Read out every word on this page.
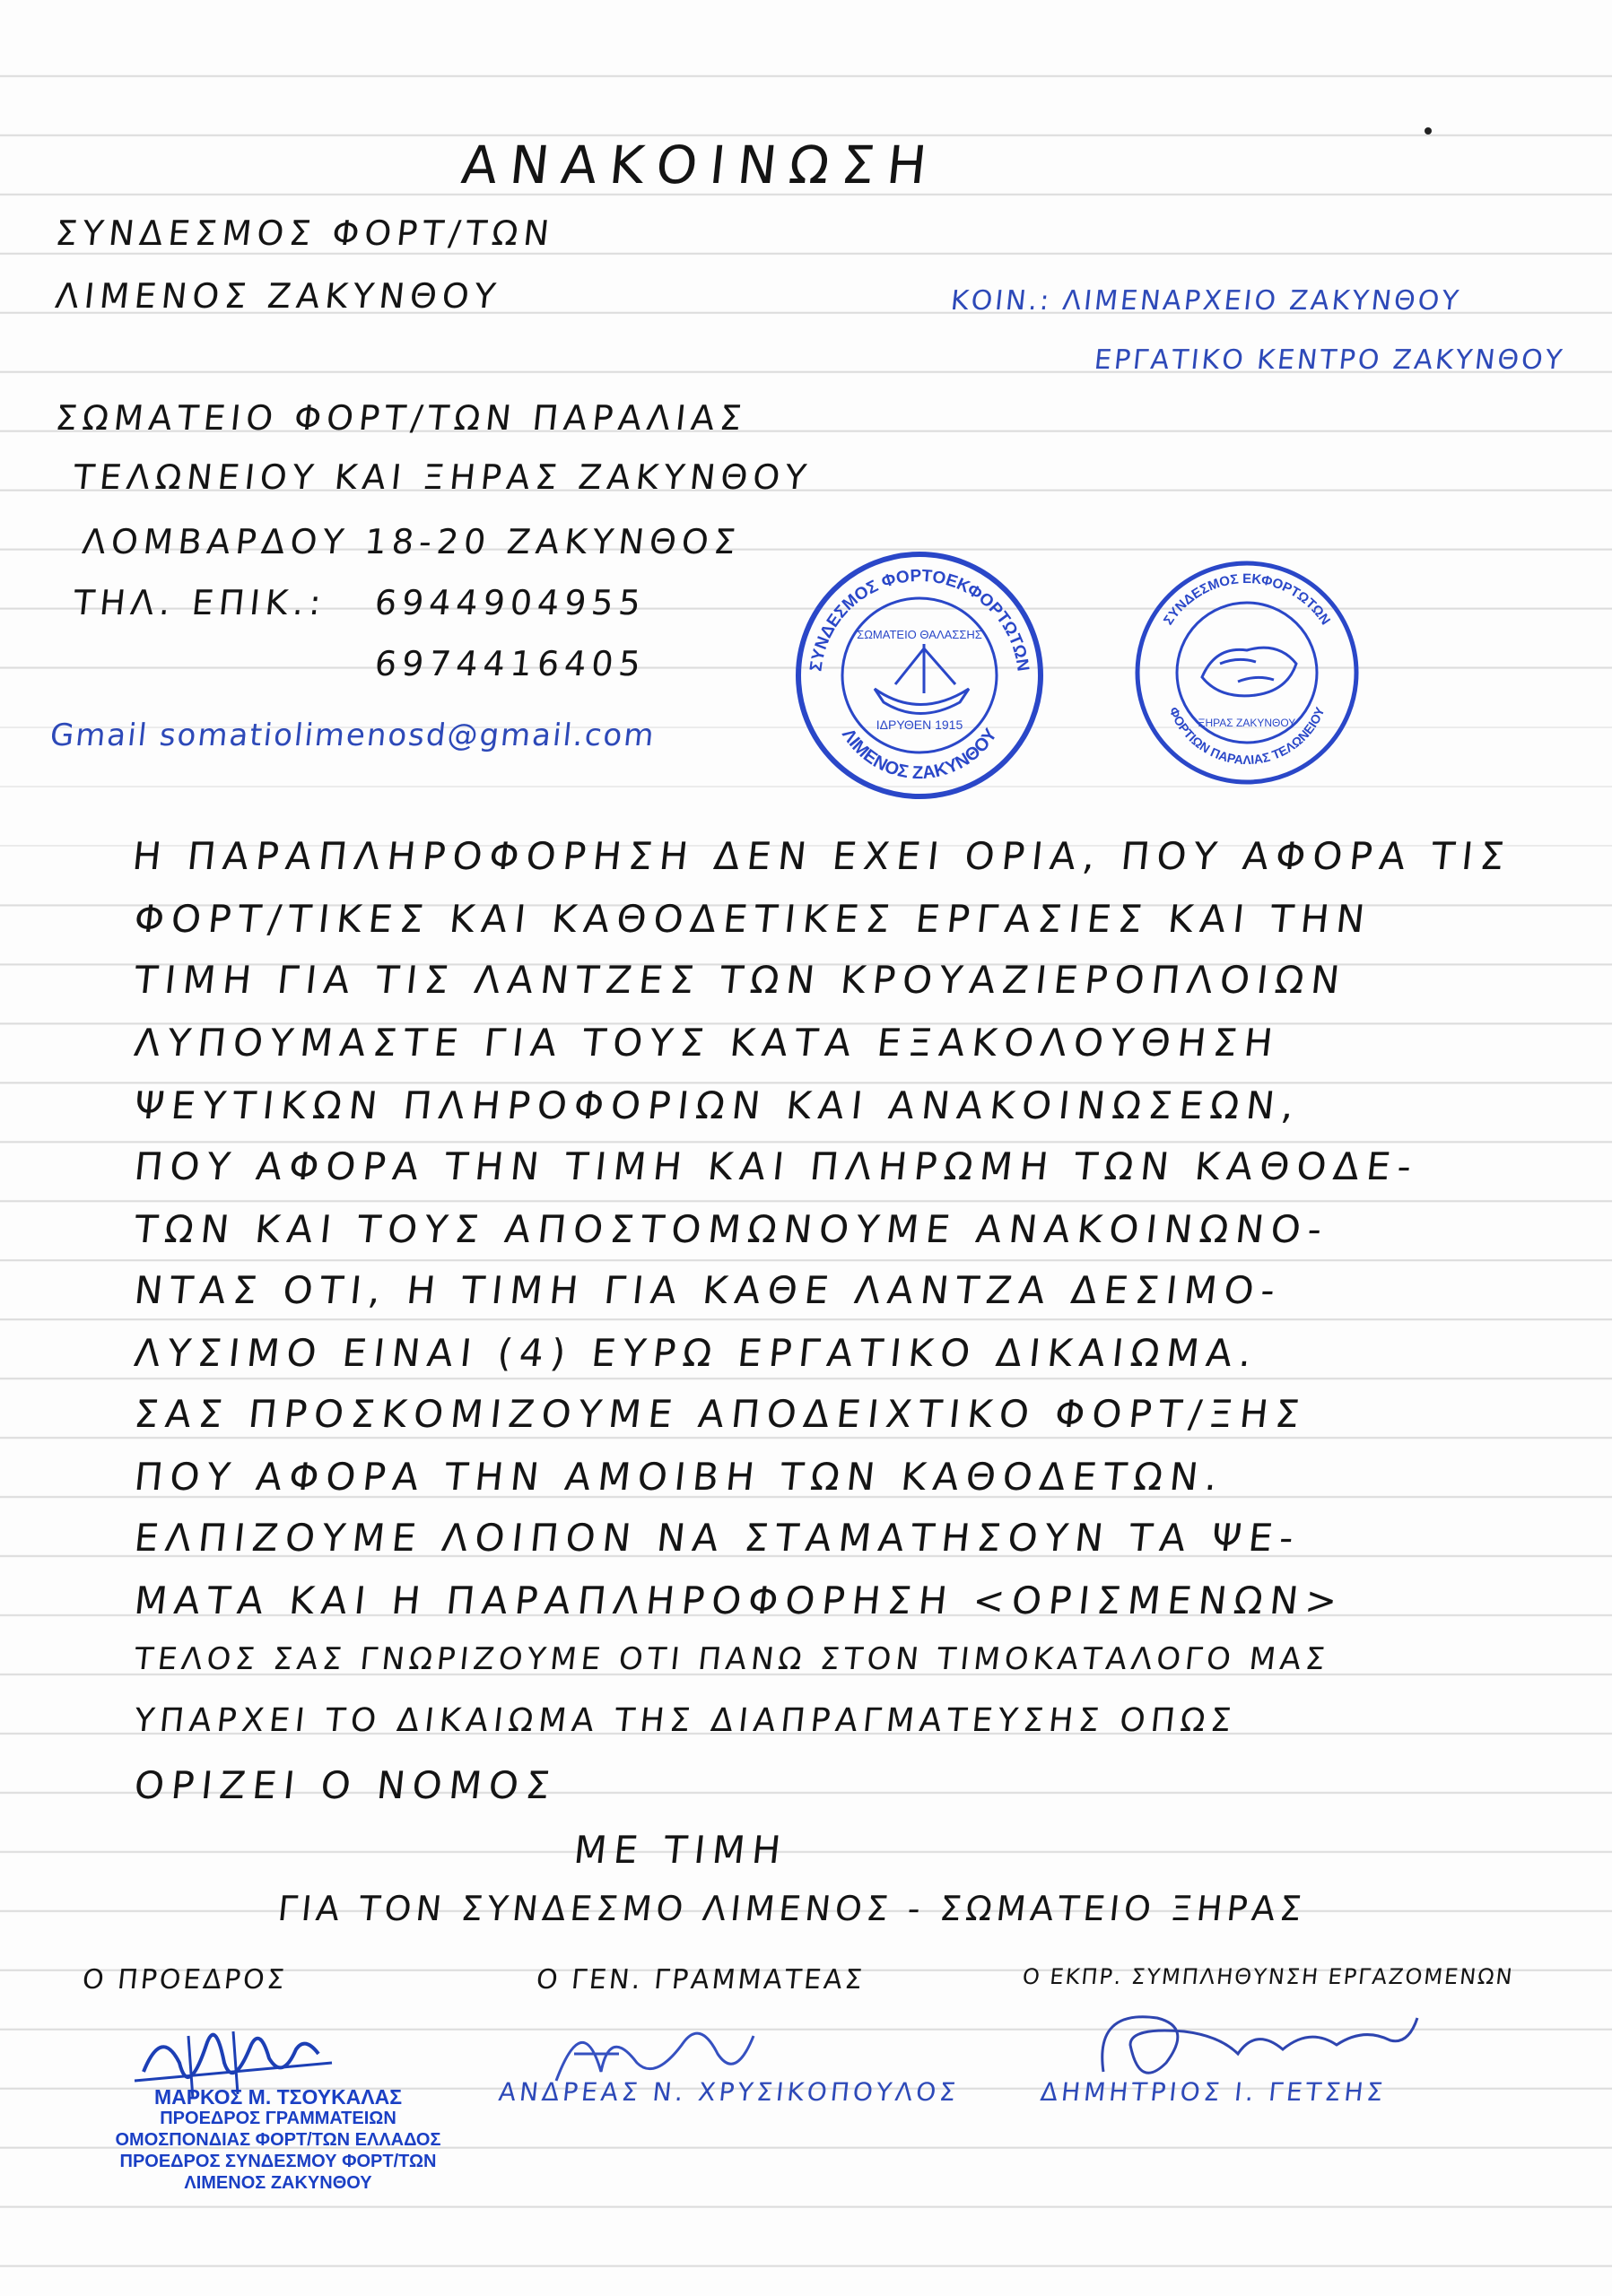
ΑΝΑΚΟΙΝΩΣΗ
ΣΥΝΔΕΣΜΟΣ ΦΟΡΤ/ΤΩΝ
ΛΙΜΕΝΟΣ ΖΑΚΥΝΘΟΥ	ΚΟΙΝ.: ΛΙΜΕΝΑΡΧΕΙΟ ΖΑΚΥΝΘΟΥ
ΕΡΓΑΤΙΚΟ ΚΕΝΤΡΟ ΖΑΚΥΝΘΟΥ
ΣΩΜΑΤΕΙΟ ΦΟΡΤ/ΤΩΝ ΠΑΡΑΛΙΑΣ
ΤΕΛΩΝΕΙΟΥ ΚΑΙ ΞΗΡΑΣ ΖΑΚΥΝΘΟΥ
ΛΟΜΒΑΡΔΟΥ 18-20 ΖΑΚΥΝΘΟΣ
ΤΗΛ. ΕΠΙΚ.: 6944904955
6974416405
Gmail somatiolimenosd@gmail.com
ΣΥΝΔΕΣΜΟΣ ΦΟΡΤΟΕΚΦΟΡΤΩΤΩΝ
ΛΙΜΕΝΟΣ ΖΑΚΥΝΘΟΥ
ΣΩΜΑΤΕΙΟ ΘΑΛΑΣΣΗΣ
ΙΔΡΥΘΕΝ 1915
ΣΥΝΔΕΣΜΟΣ ΕΚΦΟΡΤΩΤΩΝ
ΦΟΡΤΙΩΝ ΠΑΡΑΛΙΑΣ ΤΕΛΩΝΕΙΟΥ
ΞΗΡΑΣ ΖΑΚΥΝΘΟΥ
Η ΠΑΡΑΠΛΗΡΟΦΟΡΗΣΗ ΔΕΝ ΕΧΕΙ ΟΡΙΑ, ΠΟΥ ΑΦΟΡΑ ΤΙΣ
ΦΟΡΤ/ΤΙΚΕΣ ΚΑΙ ΚΑΘΟΔΕΤΙΚΕΣ ΕΡΓΑΣΙΕΣ ΚΑΙ ΤΗΝ
ΤΙΜΗ ΓΙΑ ΤΙΣ ΛΑΝΤΖΕΣ ΤΩΝ ΚΡΟΥΑΖΙΕΡΟΠΛΟΙΩΝ
ΛΥΠΟΥΜΑΣΤΕ ΓΙΑ ΤΟΥΣ ΚΑΤΑ ΕΞΑΚΟΛΟΥΘΗΣΗ
ΨΕΥΤΙΚΩΝ ΠΛΗΡΟΦΟΡΙΩΝ ΚΑΙ ΑΝΑΚΟΙΝΩΣΕΩΝ,
ΠΟΥ ΑΦΟΡΑ ΤΗΝ ΤΙΜΗ ΚΑΙ ΠΛΗΡΩΜΗ ΤΩΝ ΚΑΘΟΔΕ-
ΤΩΝ ΚΑΙ ΤΟΥΣ ΑΠΟΣΤΟΜΩΝΟΥΜΕ ΑΝΑΚΟΙΝΩΝΟ-
ΝΤΑΣ ΟΤΙ, Η ΤΙΜΗ ΓΙΑ ΚΑΘΕ ΛΑΝΤΖΑ ΔΕΣΙΜΟ-
ΛΥΣΙΜΟ ΕΙΝΑΙ (4) ΕΥΡΩ ΕΡΓΑΤΙΚΟ ΔΙΚΑΙΩΜΑ.
ΣΑΣ ΠΡΟΣΚΟΜΙΖΟΥΜΕ ΑΠΟΔΕΙΧΤΙΚΟ ΦΟΡΤ/ΞΗΣ
ΠΟΥ ΑΦΟΡΑ ΤΗΝ ΑΜΟΙΒΗ ΤΩΝ ΚΑΘΟΔΕΤΩΝ.
ΕΛΠΙΖΟΥΜΕ ΛΟΙΠΟΝ ΝΑ ΣΤΑΜΑΤΗΣΟΥΝ ΤΑ ΨΕ-
ΜΑΤΑ ΚΑΙ Η ΠΑΡΑΠΛΗΡΟΦΟΡΗΣΗ <ΟΡΙΣΜΕΝΩΝ>
ΤΕΛΟΣ ΣΑΣ ΓΝΩΡΙΖΟΥΜΕ ΟΤΙ ΠΑΝΩ ΣΤΟΝ ΤΙΜΟΚΑΤΑΛΟΓΟ ΜΑΣ
ΥΠΑΡΧΕΙ ΤΟ ΔΙΚΑΙΩΜΑ ΤΗΣ ΔΙΑΠΡΑΓΜΑΤΕΥΣΗΣ ΟΠΩΣ
ΟΡΙΖΕΙ Ο ΝΟΜΟΣ
ΜΕ ΤΙΜΗ
ΓΙΑ ΤΟΝ ΣΥΝΔΕΣΜΟ ΛΙΜΕΝΟΣ - ΣΩΜΑΤΕΙΟ ΞΗΡΑΣ
Ο ΠΡΟΕΔΡΟΣ	Ο ΓΕΝ. ΓΡΑΜΜΑΤΕΑΣ	Ο ΕΚΠΡ. ΣΥΜΠΛΗΘΥΝΣΗ ΕΡΓΑΖΟΜΕΝΩΝ
ΑΝΔΡΕΑΣ Ν. ΧΡΥΣΙΚΟΠΟΥΛΟΣ	ΔΗΜΗΤΡΙΟΣ Ι. ΓΕΤΣΗΣ
ΜΑΡΚΟΣ Μ. ΤΣΟΥΚΑΛΑΣ
ΠΡΟΕΔΡΟΣ ΓΡΑΜΜΑΤΕΙΩΝ
ΟΜΟΣΠΟΝΔΙΑΣ ΦΟΡΤ/ΤΩΝ ΕΛΛΑΔΟΣ
ΠΡΟΕΔΡΟΣ ΣΥΝΔΕΣΜΟΥ ΦΟΡΤ/ΤΩΝ
ΛΙΜΕΝΟΣ ΖΑΚΥΝΘΟΥ
